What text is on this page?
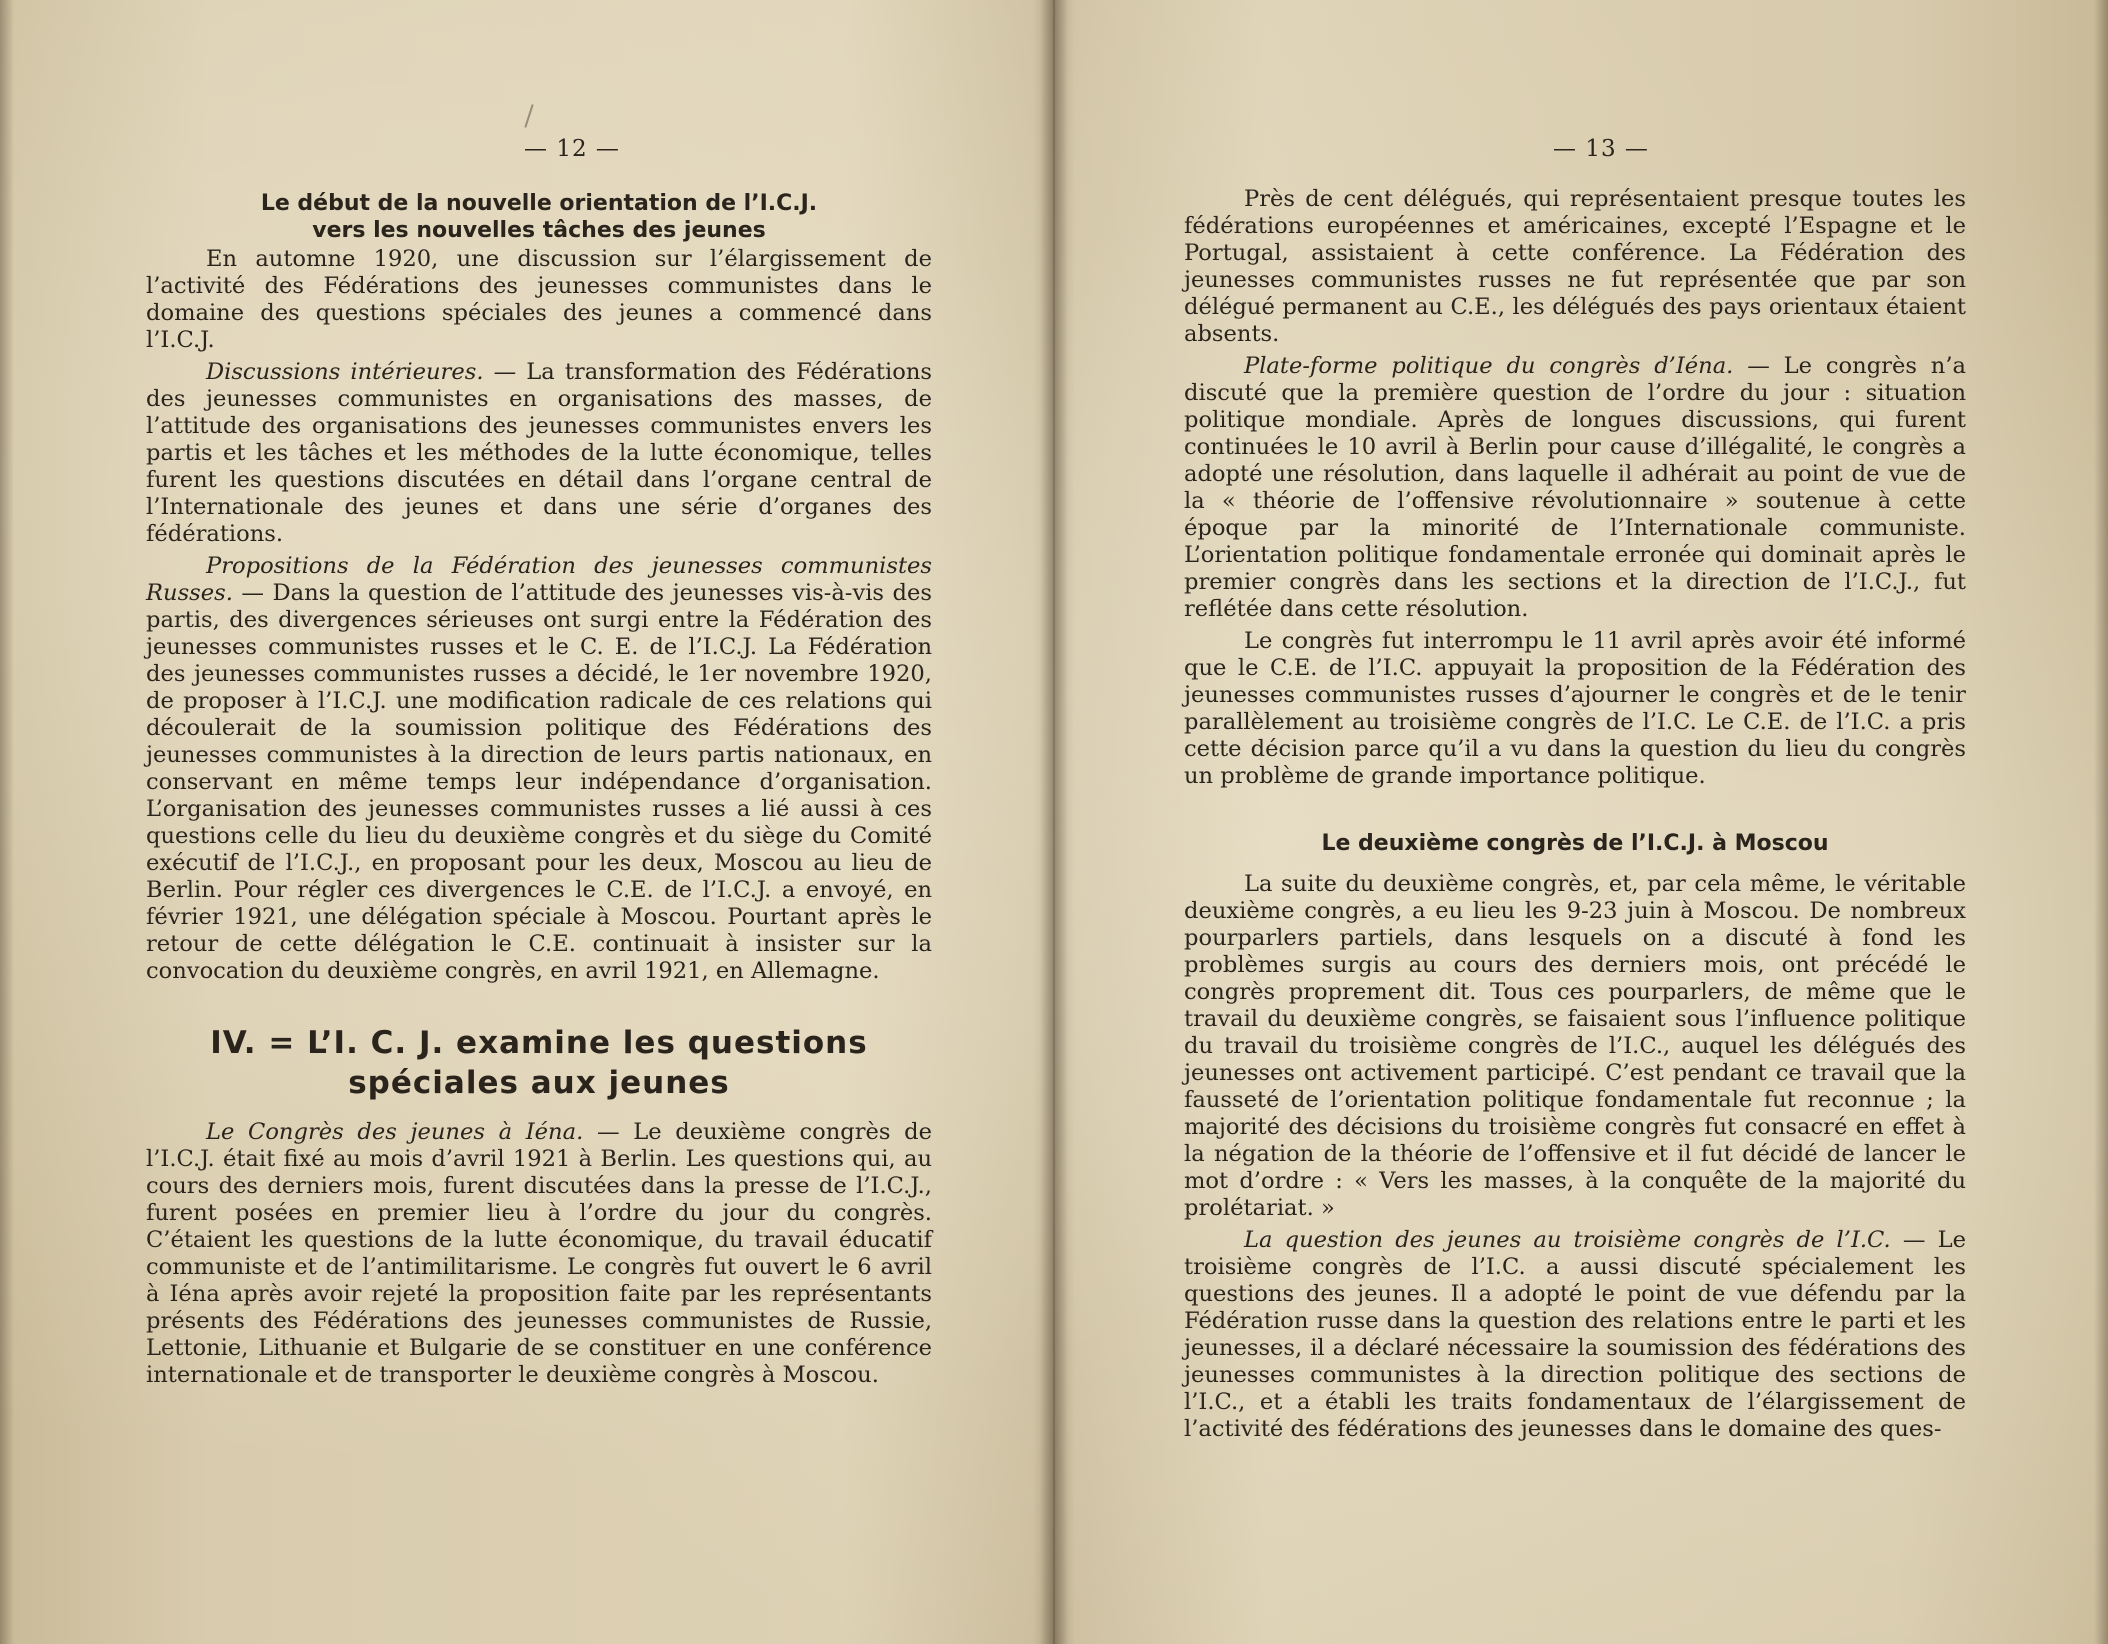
— 12 —
Le début de la nouvelle orientation de l’I.C.J.
vers les nouvelles tâches des jeunes

En automne 1920, une discussion sur l’élargissement de l’activité des Fédérations des jeunesses communistes dans le domaine des questions spéciales des jeunes a commencé dans l’I.C.J.

Discussions intérieures. — La transformation des Fédérations des jeunesses communistes en organisations des masses, de l’attitude des organisations des jeunesses communistes envers les partis et les tâches et les méthodes de la lutte économique, telles furent les questions discutées en détail dans l’organe central de l’Internationale des jeunes et dans une série d’organes des fédérations.

Propositions de la Fédération des jeunesses communistes Russes. — Dans la question de l’attitude des jeunesses vis-à-vis des partis, des divergences sérieuses ont surgi entre la Fédération des jeunesses communistes russes et le C. E. de l’I.C.J. La Fédération des jeunesses communistes russes a décidé, le 1er novembre 1920, de proposer à l’I.C.J. une modification radicale de ces relations qui découlerait de la soumission politique des Fédérations des jeunesses communistes à la direction de leurs partis nationaux, en conservant en même temps leur indépendance d’organisation. L’organisation des jeunesses communistes russes a lié aussi à ces questions celle du lieu du deuxième congrès et du siège du Comité exécutif de l’I.C.J., en proposant pour les deux, Moscou au lieu de Berlin. Pour régler ces divergences le C.E. de l’I.C.J. a envoyé, en février 1921, une délégation spéciale à Moscou. Pourtant après le retour de cette délégation le C.E. continuait à insister sur la convocation du deuxième congrès, en avril 1921, en Allemagne.

IV. = L’I. C. J. examine les questions
spéciales aux jeunes

Le Congrès des jeunes à Iéna. — Le deuxième congrès de l’I.C.J. était fixé au mois d’avril 1921 à Berlin. Les questions qui, au cours des derniers mois, furent discutées dans la presse de l’I.C.J., furent posées en premier lieu à l’ordre du jour du congrès. C’étaient les questions de la lutte économique, du travail éducatif communiste et de l’antimilitarisme. Le congrès fut ouvert le 6 avril à Iéna après avoir rejeté la proposition faite par les représentants présents des Fédérations des jeunesses communistes de Russie, Lettonie, Lithuanie et Bulgarie de se constituer en une conférence internationale et de transporter le deuxième congrès à Moscou.

— 13 —

Près de cent délégués, qui représentaient presque toutes les fédérations européennes et américaines, excepté l’Espagne et le Portugal, assistaient à cette conférence. La Fédération des jeunesses communistes russes ne fut représentée que par son délégué permanent au C.E., les délégués des pays orientaux étaient absents.

Plate-forme politique du congrès d’Iéna. — Le congrès n’a discuté que la première question de l’ordre du jour : situation politique mondiale. Après de longues discussions, qui furent continuées le 10 avril à Berlin pour cause d’illégalité, le congrès a adopté une résolution, dans laquelle il adhérait au point de vue de la « théorie de l’offensive révolutionnaire » soutenue à cette époque par la minorité de l’Internationale communiste. L’orientation politique fondamentale erronée qui dominait après le premier congrès dans les sections et la direction de l’I.C.J., fut reflétée dans cette résolution.

Le congrès fut interrompu le 11 avril après avoir été informé que le C.E. de l’I.C. appuyait la proposition de la Fédération des jeunesses communistes russes d’ajourner le congrès et de le tenir parallèlement au troisième congrès de l’I.C. Le C.E. de l’I.C. a pris cette décision parce qu’il a vu dans la question du lieu du congrès un problème de grande importance politique.

Le deuxième congrès de l’I.C.J. à Moscou

La suite du deuxième congrès, et, par cela même, le véritable deuxième congrès, a eu lieu les 9-23 juin à Moscou. De nombreux pourparlers partiels, dans lesquels on a discuté à fond les problèmes surgis au cours des derniers mois, ont précédé le congrès proprement dit. Tous ces pourparlers, de même que le travail du deuxième congrès, se faisaient sous l’influence politique du travail du troisième congrès de l’I.C., auquel les délégués des jeunesses ont activement participé. C’est pendant ce travail que la fausseté de l’orientation politique fondamentale fut reconnue ; la majorité des décisions du troisième congrès fut consacré en effet à la négation de la théorie de l’offensive et il fut décidé de lancer le mot d’ordre : « Vers les masses, à la conquête de la majorité du prolétariat. »

La question des jeunes au troisième congrès de l’I.C. — Le troisième congrès de l’I.C. a aussi discuté spécialement les questions des jeunes. Il a adopté le point de vue défendu par la Fédération russe dans la question des relations entre le parti et les jeunesses, il a déclaré nécessaire la soumission des fédérations des jeunesses communistes à la direction politique des sections de l’I.C., et a établi les traits fondamentaux de l’élargissement de l’activité des fédérations des jeunesses dans le domaine des ques-
